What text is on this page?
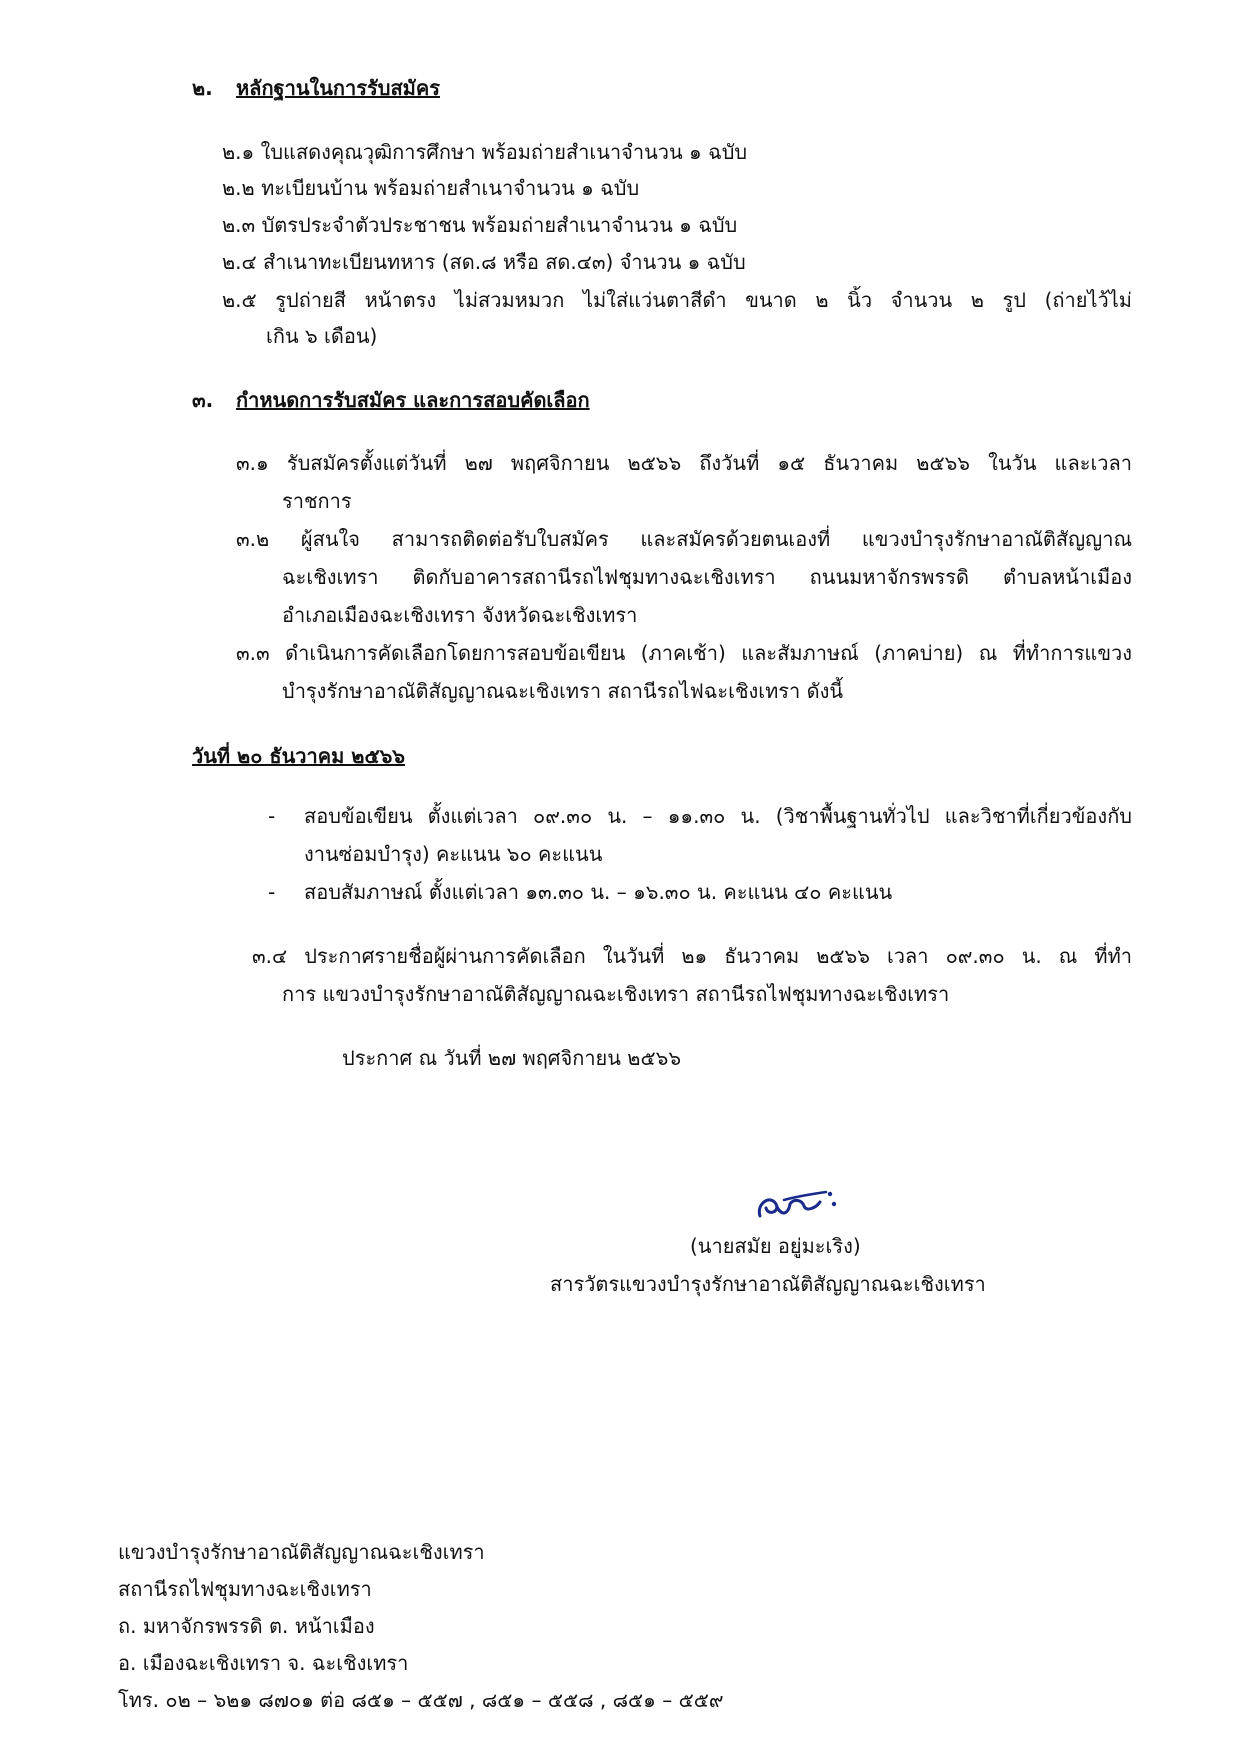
๒. หลักฐานในการรับสมัคร
๒.๑ ใบแสดงคุณวุฒิการศึกษา พร้อมถ่ายสำเนาจำนวน ๑ ฉบับ
๒.๒ ทะเบียนบ้าน พร้อมถ่ายสำเนาจำนวน ๑ ฉบับ
๒.๓ บัตรประจำตัวประชาชน พร้อมถ่ายสำเนาจำนวน ๑ ฉบับ
๒.๔ สำเนาทะเบียนทหาร (สด.๘ หรือ สด.๔๓) จำนวน ๑ ฉบับ
๒.๕ รูปถ่ายสี หน้าตรง ไม่สวมหมวก ไม่ใส่แว่นตาสีดำ ขนาด ๒ นิ้ว จำนวน ๒ รูป (ถ่ายไว้ไม่
เกิน ๖ เดือน)
๓. กำหนดการรับสมัคร และการสอบคัดเลือก
๓.๑ รับสมัครตั้งแต่วันที่ ๒๗ พฤศจิกายน ๒๕๖๖ ถึงวันที่ ๑๕ ธันวาคม ๒๕๖๖ ในวัน และเวลา
ราชการ
๓.๒ ผู้สนใจ สามารถติดต่อรับใบสมัคร และสมัครด้วยตนเองที่ แขวงบำรุงรักษาอาณัติสัญญาณ
ฉะเชิงเทรา ติดกับอาคารสถานีรถไฟชุมทางฉะเชิงเทรา ถนนมหาจักรพรรดิ ตำบลหน้าเมือง
อำเภอเมืองฉะเชิงเทรา จังหวัดฉะเชิงเทรา
๓.๓ ดำเนินการคัดเลือกโดยการสอบข้อเขียน (ภาคเช้า) และสัมภาษณ์ (ภาคบ่าย) ณ ที่ทำการแขวง
บำรุงรักษาอาณัติสัญญาณฉะเชิงเทรา สถานีรถไฟฉะเชิงเทรา ดังนี้
วันที่ ๒๐ ธันวาคม ๒๕๖๖
- สอบข้อเขียน ตั้งแต่เวลา ๐๙.๓๐ น. – ๑๑.๓๐ น. (วิชาพื้นฐานทั่วไป และวิชาที่เกี่ยวข้องกับ
งานซ่อมบำรุง) คะแนน ๖๐ คะแนน
- สอบสัมภาษณ์ ตั้งแต่เวลา ๑๓.๓๐ น. – ๑๖.๓๐ น. คะแนน ๔๐ คะแนน
๓.๔ ประกาศรายชื่อผู้ผ่านการคัดเลือก ในวันที่ ๒๑ ธันวาคม ๒๕๖๖ เวลา ๐๙.๓๐ น. ณ ที่ทำ
การ แขวงบำรุงรักษาอาณัติสัญญาณฉะเชิงเทรา สถานีรถไฟชุมทางฉะเชิงเทรา
ประกาศ ณ วันที่ ๒๗ พฤศจิกายน ๒๕๖๖
(นายสมัย อยู่มะเริง)
สารวัตรแขวงบำรุงรักษาอาณัติสัญญาณฉะเชิงเทรา
แขวงบำรุงรักษาอาณัติสัญญาณฉะเชิงเทรา
สถานีรถไฟชุมทางฉะเชิงเทรา
ถ. มหาจักรพรรดิ ต. หน้าเมือง
อ. เมืองฉะเชิงเทรา จ. ฉะเชิงเทรา
โทร. ๐๒ – ๖๒๑ ๘๗๐๑ ต่อ ๘๕๑ – ๕๕๗ , ๘๕๑ – ๕๕๘ , ๘๕๑ – ๕๕๙
